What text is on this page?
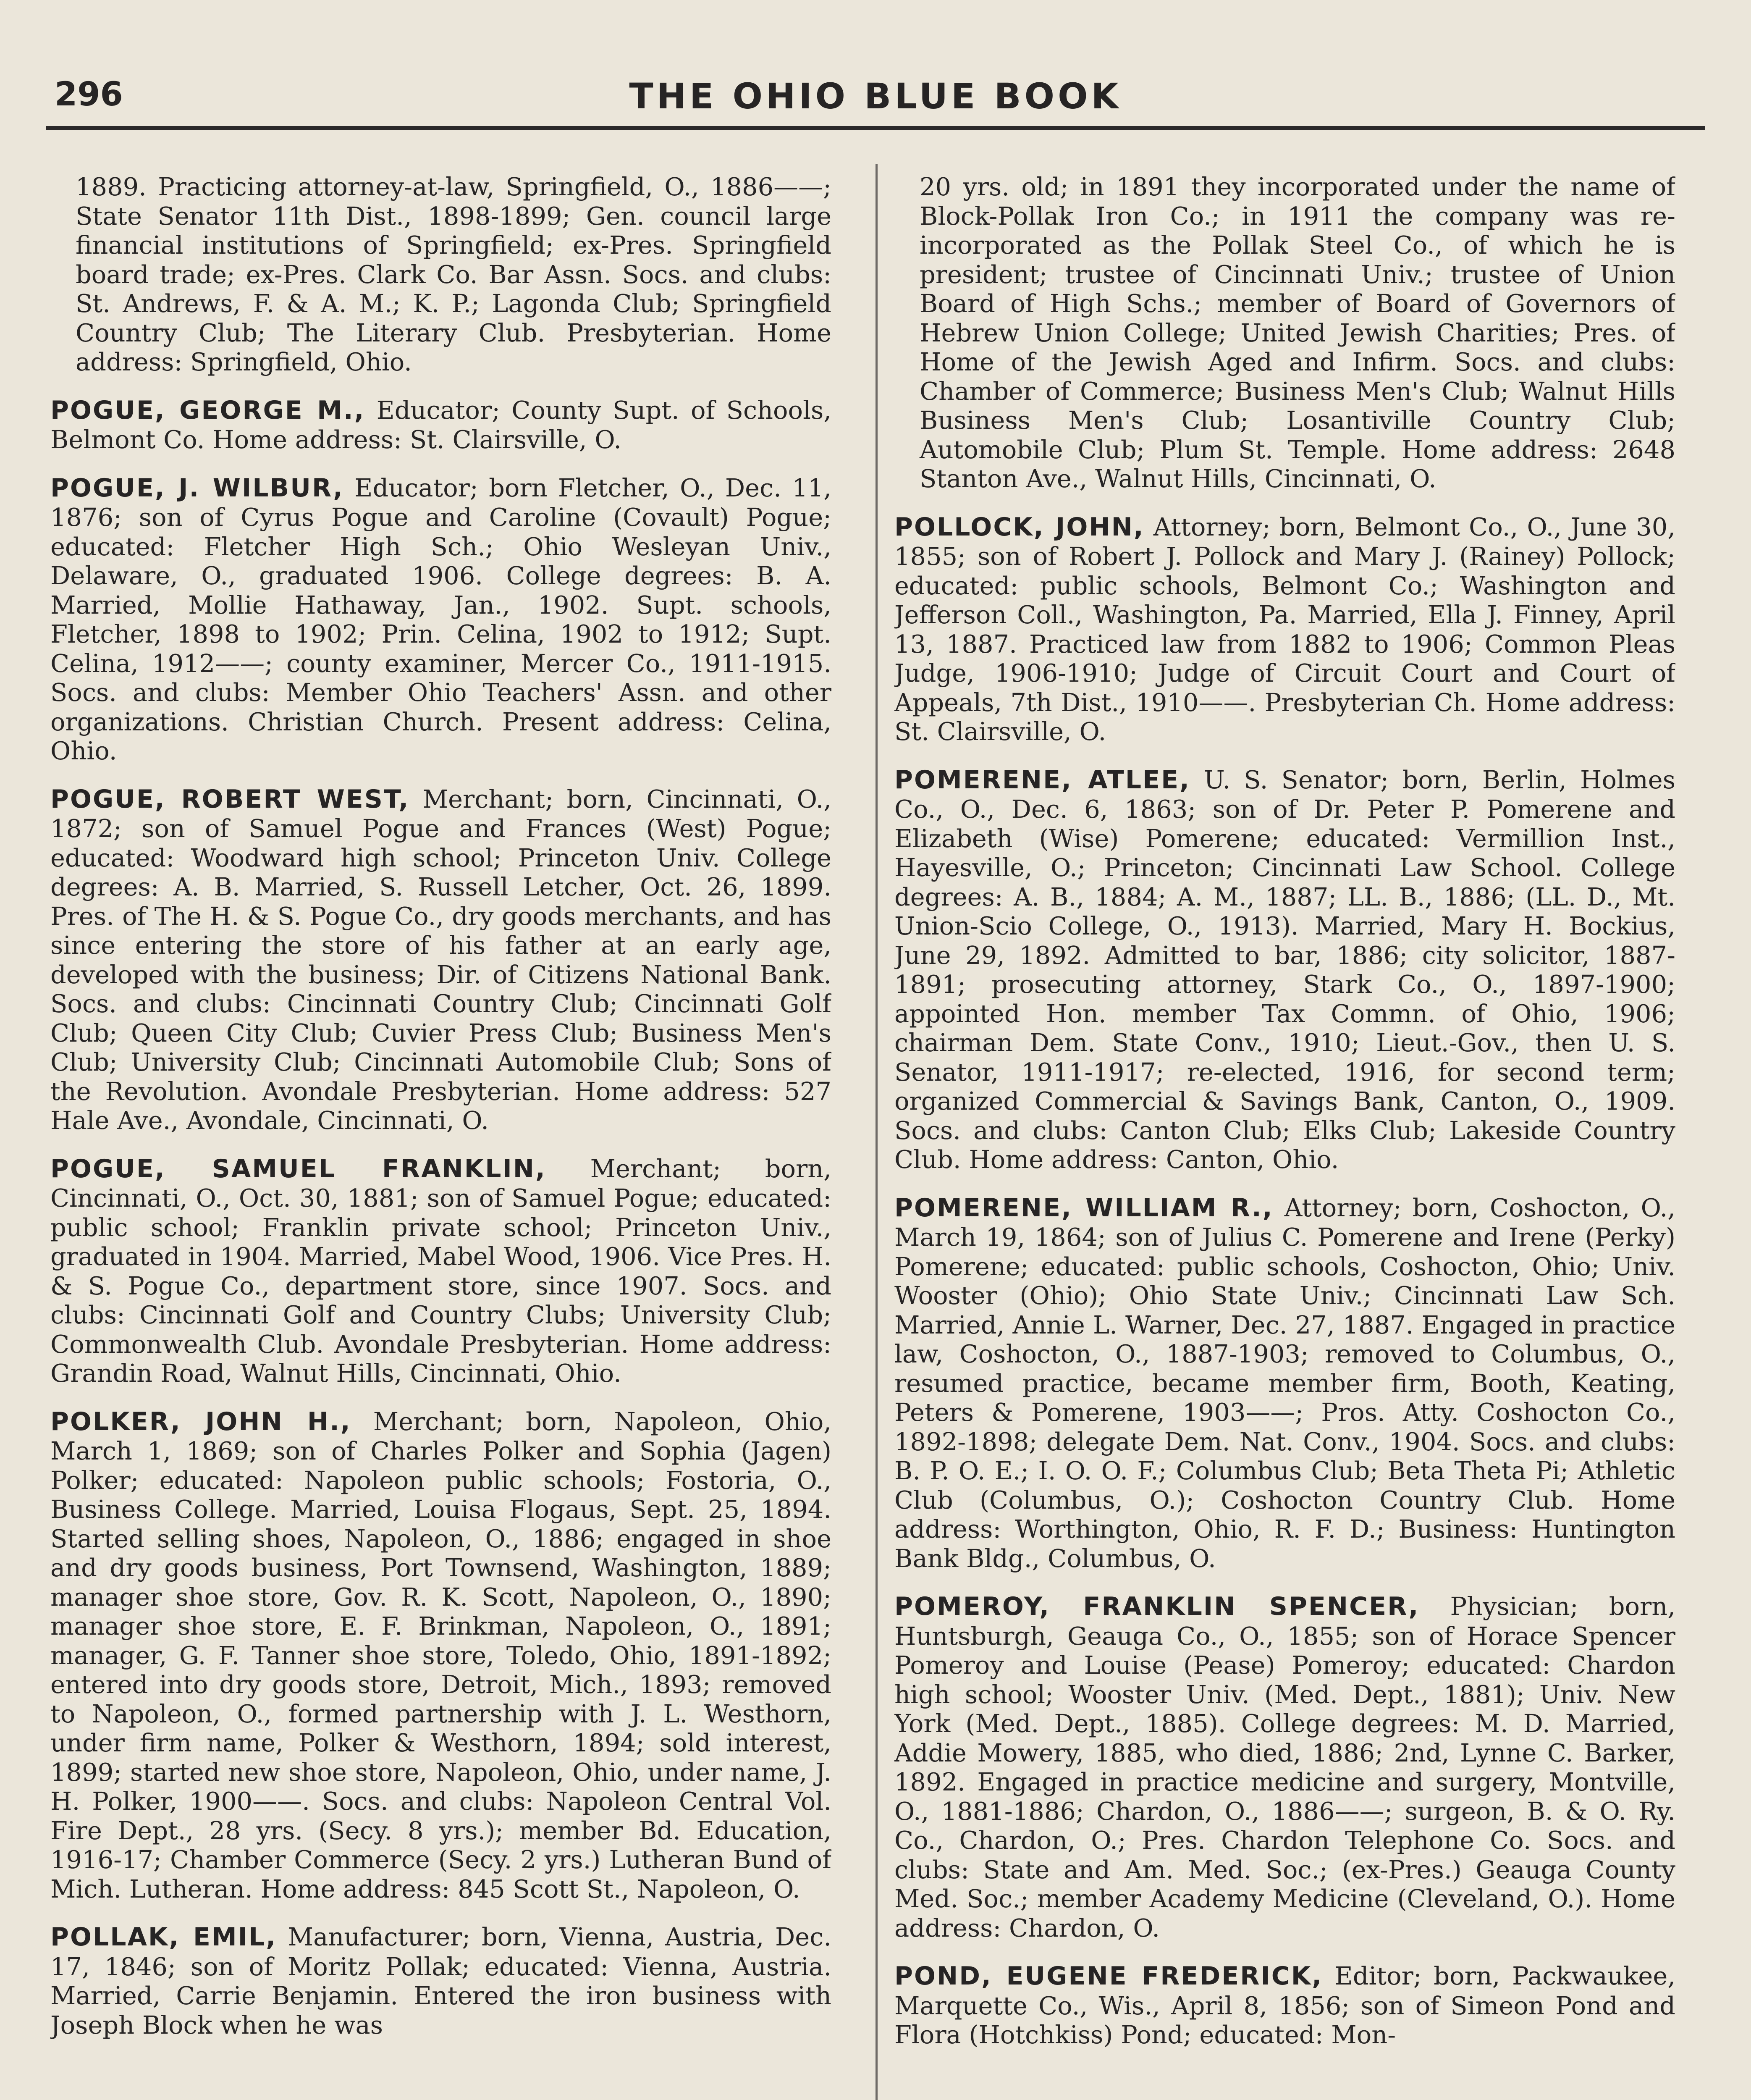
296	THE OHIO BLUE BOOK

1889. Practicing attorney-at-law, Springfield, O., 1886——; State Senator 11th Dist., 1898-1899; Gen. council large financial institutions of Springfield; ex-Pres. Springfield board trade; ex-Pres. Clark Co. Bar Assn. Socs. and clubs: St. Andrews, F. & A. M.; K. P.; Lagonda Club; Springfield Country Club; The Literary Club. Presbyterian. Home address: Springfield, Ohio.

POGUE, GEORGE M., Educator; County Supt. of Schools, Belmont Co. Home address: St. Clairsville, O.

POGUE, J. WILBUR, Educator; born Fletcher, O., Dec. 11, 1876; son of Cyrus Pogue and Caroline (Covault) Pogue; educated: Fletcher High Sch.; Ohio Wesleyan Univ., Delaware, O., graduated 1906. College degrees: B. A. Married, Mollie Hathaway, Jan., 1902. Supt. schools, Fletcher, 1898 to 1902; Prin. Celina, 1902 to 1912; Supt. Celina, 1912——; county examiner, Mercer Co., 1911-1915. Socs. and clubs: Member Ohio Teachers' Assn. and other organizations. Christian Church. Present address: Celina, Ohio.

POGUE, ROBERT WEST, Merchant; born, Cincinnati, O., 1872; son of Samuel Pogue and Frances (West) Pogue; educated: Woodward high school; Princeton Univ. College degrees: A. B. Married, S. Russell Letcher, Oct. 26, 1899. Pres. of The H. & S. Pogue Co., dry goods merchants, and has since entering the store of his father at an early age, developed with the business; Dir. of Citizens National Bank. Socs. and clubs: Cincinnati Country Club; Cincinnati Golf Club; Queen City Club; Cuvier Press Club; Business Men's Club; University Club; Cincinnati Automobile Club; Sons of the Revolution. Avondale Presbyterian. Home address: 527 Hale Ave., Avondale, Cincinnati, O.

POGUE, SAMUEL FRANKLIN, Merchant; born, Cincinnati, O., Oct. 30, 1881; son of Samuel Pogue; educated: public school; Franklin private school; Princeton Univ., graduated in 1904. Married, Mabel Wood, 1906. Vice Pres. H. & S. Pogue Co., department store, since 1907. Socs. and clubs: Cincinnati Golf and Country Clubs; University Club; Commonwealth Club. Avondale Presbyterian. Home address: Grandin Road, Walnut Hills, Cincinnati, Ohio.

POLKER, JOHN H., Merchant; born, Napoleon, Ohio, March 1, 1869; son of Charles Polker and Sophia (Jagen) Polker; educated: Napoleon public schools; Fostoria, O., Business College. Married, Louisa Flogaus, Sept. 25, 1894. Started selling shoes, Napoleon, O., 1886; engaged in shoe and dry goods business, Port Townsend, Washington, 1889; manager shoe store, Gov. R. K. Scott, Napoleon, O., 1890; manager shoe store, E. F. Brinkman, Napoleon, O., 1891; manager, G. F. Tanner shoe store, Toledo, Ohio, 1891-1892; entered into dry goods store, Detroit, Mich., 1893; removed to Napoleon, O., formed partnership with J. L. Westhorn, under firm name, Polker & Westhorn, 1894; sold interest, 1899; started new shoe store, Napoleon, Ohio, under name, J. H. Polker, 1900——. Socs. and clubs: Napoleon Central Vol. Fire Dept., 28 yrs. (Secy. 8 yrs.); member Bd. Education, 1916-17; Chamber Commerce (Secy. 2 yrs.) Lutheran Bund of Mich. Lutheran. Home address: 845 Scott St., Napoleon, O.

POLLAK, EMIL, Manufacturer; born, Vienna, Austria, Dec. 17, 1846; son of Moritz Pollak; educated: Vienna, Austria. Married, Carrie Benjamin. Entered the iron business with Joseph Block when he was

20 yrs. old; in 1891 they incorporated under the name of Block-Pollak Iron Co.; in 1911 the company was re-incorporated as the Pollak Steel Co., of which he is president; trustee of Cincinnati Univ.; trustee of Union Board of High Schs.; member of Board of Governors of Hebrew Union College; United Jewish Charities; Pres. of Home of the Jewish Aged and Infirm. Socs. and clubs: Chamber of Commerce; Business Men's Club; Walnut Hills Business Men's Club; Losantiville Country Club; Automobile Club; Plum St. Temple. Home address: 2648 Stanton Ave., Walnut Hills, Cincinnati, O.

POLLOCK, JOHN, Attorney; born, Belmont Co., O., June 30, 1855; son of Robert J. Pollock and Mary J. (Rainey) Pollock; educated: public schools, Belmont Co.; Washington and Jefferson Coll., Washington, Pa. Married, Ella J. Finney, April 13, 1887. Practiced law from 1882 to 1906; Common Pleas Judge, 1906-1910; Judge of Circuit Court and Court of Appeals, 7th Dist., 1910——. Presbyterian Ch. Home address: St. Clairsville, O.

POMERENE, ATLEE, U. S. Senator; born, Berlin, Holmes Co., O., Dec. 6, 1863; son of Dr. Peter P. Pomerene and Elizabeth (Wise) Pomerene; educated: Vermillion Inst., Hayesville, O.; Princeton; Cincinnati Law School. College degrees: A. B., 1884; A. M., 1887; LL. B., 1886; (LL. D., Mt. Union-Scio College, O., 1913). Married, Mary H. Bockius, June 29, 1892. Admitted to bar, 1886; city solicitor, 1887-1891; prosecuting attorney, Stark Co., O., 1897-1900; appointed Hon. member Tax Commn. of Ohio, 1906; chairman Dem. State Conv., 1910; Lieut.-Gov., then U. S. Senator, 1911-1917; re-elected, 1916, for second term; organized Commercial & Savings Bank, Canton, O., 1909. Socs. and clubs: Canton Club; Elks Club; Lakeside Country Club. Home address: Canton, Ohio.

POMERENE, WILLIAM R., Attorney; born, Coshocton, O., March 19, 1864; son of Julius C. Pomerene and Irene (Perky) Pomerene; educated: public schools, Coshocton, Ohio; Univ. Wooster (Ohio); Ohio State Univ.; Cincinnati Law Sch. Married, Annie L. Warner, Dec. 27, 1887. Engaged in practice law, Coshocton, O., 1887-1903; removed to Columbus, O., resumed practice, became member firm, Booth, Keating, Peters & Pomerene, 1903——; Pros. Atty. Coshocton Co., 1892-1898; delegate Dem. Nat. Conv., 1904. Socs. and clubs: B. P. O. E.; I. O. O. F.; Columbus Club; Beta Theta Pi; Athletic Club (Columbus, O.); Coshocton Country Club. Home address: Worthington, Ohio, R. F. D.; Business: Huntington Bank Bldg., Columbus, O.

POMEROY, FRANKLIN SPENCER, Physician; born, Huntsburgh, Geauga Co., O., 1855; son of Horace Spencer Pomeroy and Louise (Pease) Pomeroy; educated: Chardon high school; Wooster Univ. (Med. Dept., 1881); Univ. New York (Med. Dept., 1885). College degrees: M. D. Married, Addie Mowery, 1885, who died, 1886; 2nd, Lynne C. Barker, 1892. Engaged in practice medicine and surgery, Montville, O., 1881-1886; Chardon, O., 1886——; surgeon, B. & O. Ry. Co., Chardon, O.; Pres. Chardon Telephone Co. Socs. and clubs: State and Am. Med. Soc.; (ex-Pres.) Geauga County Med. Soc.; member Academy Medicine (Cleveland, O.). Home address: Chardon, O.

POND, EUGENE FREDERICK, Editor; born, Packwaukee, Marquette Co., Wis., April 8, 1856; son of Simeon Pond and Flora (Hotchkiss) Pond; educated: Mon-
